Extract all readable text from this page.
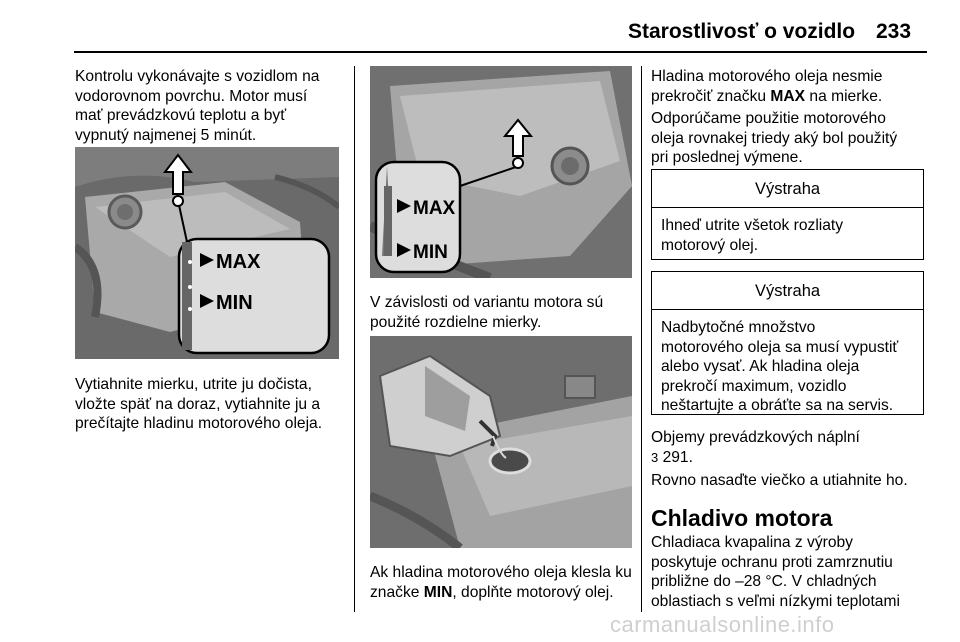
Starostlivosť o vozidlo 233

Kontrolu vykonávajte s vozidlom na
vodorovnom povrchu. Motor musí
mať prevádzkovú teplotu a byť
vypnutý najmenej 5 minút.

MAX
MIN

Vytiahnite mierku, utrite ju dočista,
vložte späť na doraz, vytiahnite ju a
prečítajte hladinu motorového oleja.

MAX
MIN

V závislosti od variantu motora sú
použité rozdielne mierky.

Ak hladina motorového oleja klesla ku
značke MIN, doplňte motorový olej.

Hladina motorového oleja nesmie
prekročiť značku MAX na mierke.

Odporúčame použitie motorového
oleja rovnakej triedy aký bol použitý
pri poslednej výmene.

Výstraha
Ihneď utrite všetok rozliaty
motorový olej.
Výstraha
Nadbytočné množstvo
motorového oleja sa musí vypustiť
alebo vysať. Ak hladina oleja
prekročí maximum, vozidlo
neštartujte a obráťte sa na servis.

Objemy prevádzkových náplní
3 291.

Rovno nasaďte viečko a utiahnite ho.

Chladivo motora

Chladiaca kvapalina z výroby
poskytuje ochranu proti zamrznutiu
približne do –28 °C. V chladných
oblastiach s veľmi nízkymi teplotami

carmanualsonline.info
